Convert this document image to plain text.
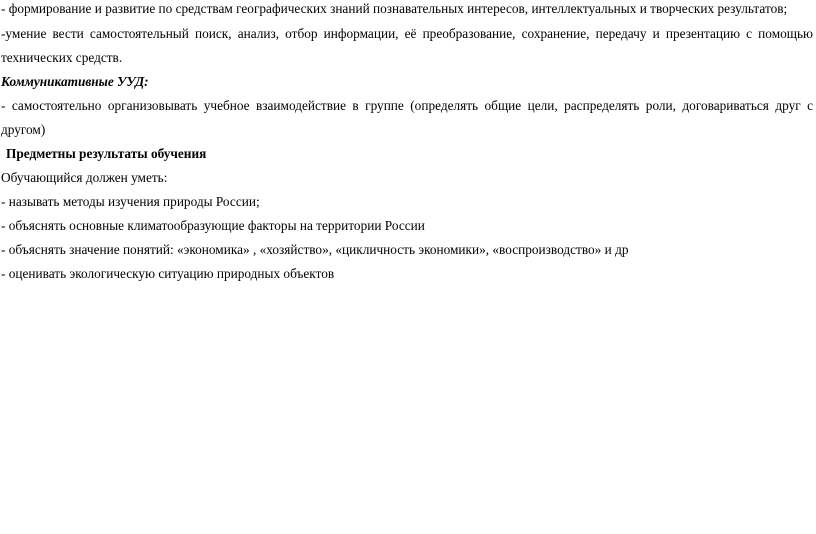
- формирование и развитие по средствам географических знаний познавательных интересов, интеллектуальных и творческих результатов;
-умение вести самостоятельный поиск, анализ, отбор информации, её преобразование, сохранение, передачу и презентацию с помощью
технических средств.
Коммуникативные УУД:
- самостоятельно организовывать учебное взаимодействие в группе (определять общие цели, распределять роли, договариваться друг с
другом)
Предметны результаты обучения
Обучающийся должен уметь:
- называть методы изучения природы России;
- объяснять основные климатообразующие факторы на территории России
- объяснять значение понятий: «экономика» , «хозяйство», «цикличность экономики», «воспроизводство» и др
- оценивать экологическую ситуацию природных объектов
